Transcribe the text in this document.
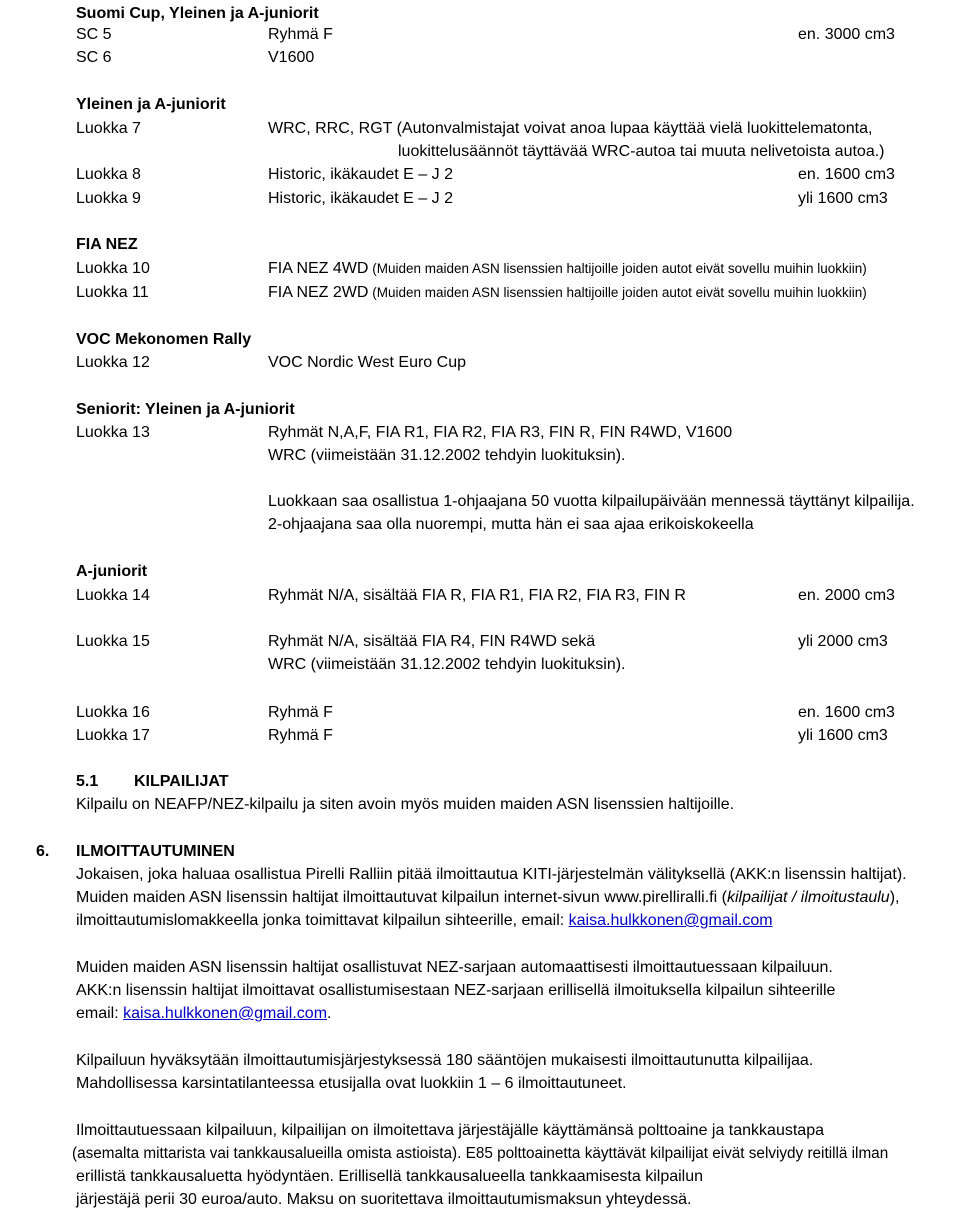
Suomi Cup, Yleinen ja A-juniorit
SC 5	Ryhmä F	en. 3000 cm3
SC 6	V1600
Yleinen ja A-juniorit
Luokka 7	WRC, RRC, RGT (Autonvalmistajat voivat anoa lupaa käyttää vielä luokittelematonta,
luokittelusäännöt täyttävää WRC-autoa tai muuta nelivetoista autoa.)
Luokka 8	Historic, ikäkaudet E – J 2	en. 1600 cm3
Luokka 9	Historic, ikäkaudet E – J 2	yli 1600 cm3
FIA NEZ
Luokka 10	FIA NEZ 4WD (Muiden maiden ASN lisenssien haltijoille joiden autot eivät sovellu muihin luokkiin)
Luokka 11	FIA NEZ 2WD (Muiden maiden ASN lisenssien haltijoille joiden autot eivät sovellu muihin luokkiin)
VOC Mekonomen Rally
Luokka 12	VOC Nordic West Euro Cup
Seniorit: Yleinen ja A-juniorit
Luokka 13	Ryhmät N,A,F, FIA R1, FIA R2, FIA R3, FIN R, FIN R4WD, V1600
WRC (viimeistään 31.12.2002 tehdyin luokituksin).
Luokkaan saa osallistua 1-ohjaajana 50 vuotta kilpailupäivään mennessä täyttänyt kilpailija.
2-ohjaajana saa olla nuorempi, mutta hän ei saa ajaa erikoiskokeella
A-juniorit
Luokka 14	Ryhmät N/A, sisältää FIA R, FIA R1, FIA R2, FIA R3, FIN R	en. 2000 cm3
Luokka 15	Ryhmät N/A, sisältää FIA R4, FIN R4WD sekä	yli 2000 cm3
WRC (viimeistään 31.12.2002 tehdyin luokituksin).
Luokka 16	Ryhmä F	en. 1600 cm3
Luokka 17	Ryhmä F	yli 1600 cm3
5.1 KILPAILIJAT
Kilpailu on NEAFP/NEZ-kilpailu ja siten avoin myös muiden maiden ASN lisenssien haltijoille.
6. ILMOITTAUTUMINEN
Jokaisen, joka haluaa osallistua Pirelli Ralliin pitää ilmoittautua KITI-järjestelmän välityksellä (AKK:n lisenssin haltijat).
Muiden maiden ASN lisenssin haltijat ilmoittautuvat kilpailun internet-sivun www.pirelliralli.fi (kilpailijat / ilmoitustaulu),
ilmoittautumislomakkeella jonka toimittavat kilpailun sihteerille, email: kaisa.hulkkonen@gmail.com
Muiden maiden ASN lisenssin haltijat osallistuvat NEZ-sarjaan automaattisesti ilmoittautuessaan kilpailuun.
AKK:n lisenssin haltijat ilmoittavat osallistumisestaan NEZ-sarjaan erillisellä ilmoituksella kilpailun sihteerille
email: kaisa.hulkkonen@gmail.com.
Kilpailuun hyväksytään ilmoittautumisjärjestyksessä 180 sääntöjen mukaisesti ilmoittautunutta kilpailijaa.
Mahdollisessa karsintatilanteessa etusijalla ovat luokkiin 1 – 6 ilmoittautuneet.
Ilmoittautuessaan kilpailuun, kilpailijan on ilmoitettava järjestäjälle käyttämänsä polttoaine ja tankkaustapa
(asemalta mittarista vai tankkausalueilla omista astioista). E85 polttoainetta käyttävät kilpailijat eivät selviydy reitillä ilman
erillistä tankkausaluetta hyödyntäen. Erillisellä tankkausalueella tankkaamisesta kilpailun
järjestäjä perii 30 euroa/auto. Maksu on suoritettava ilmoittautumismaksun yhteydessä.
